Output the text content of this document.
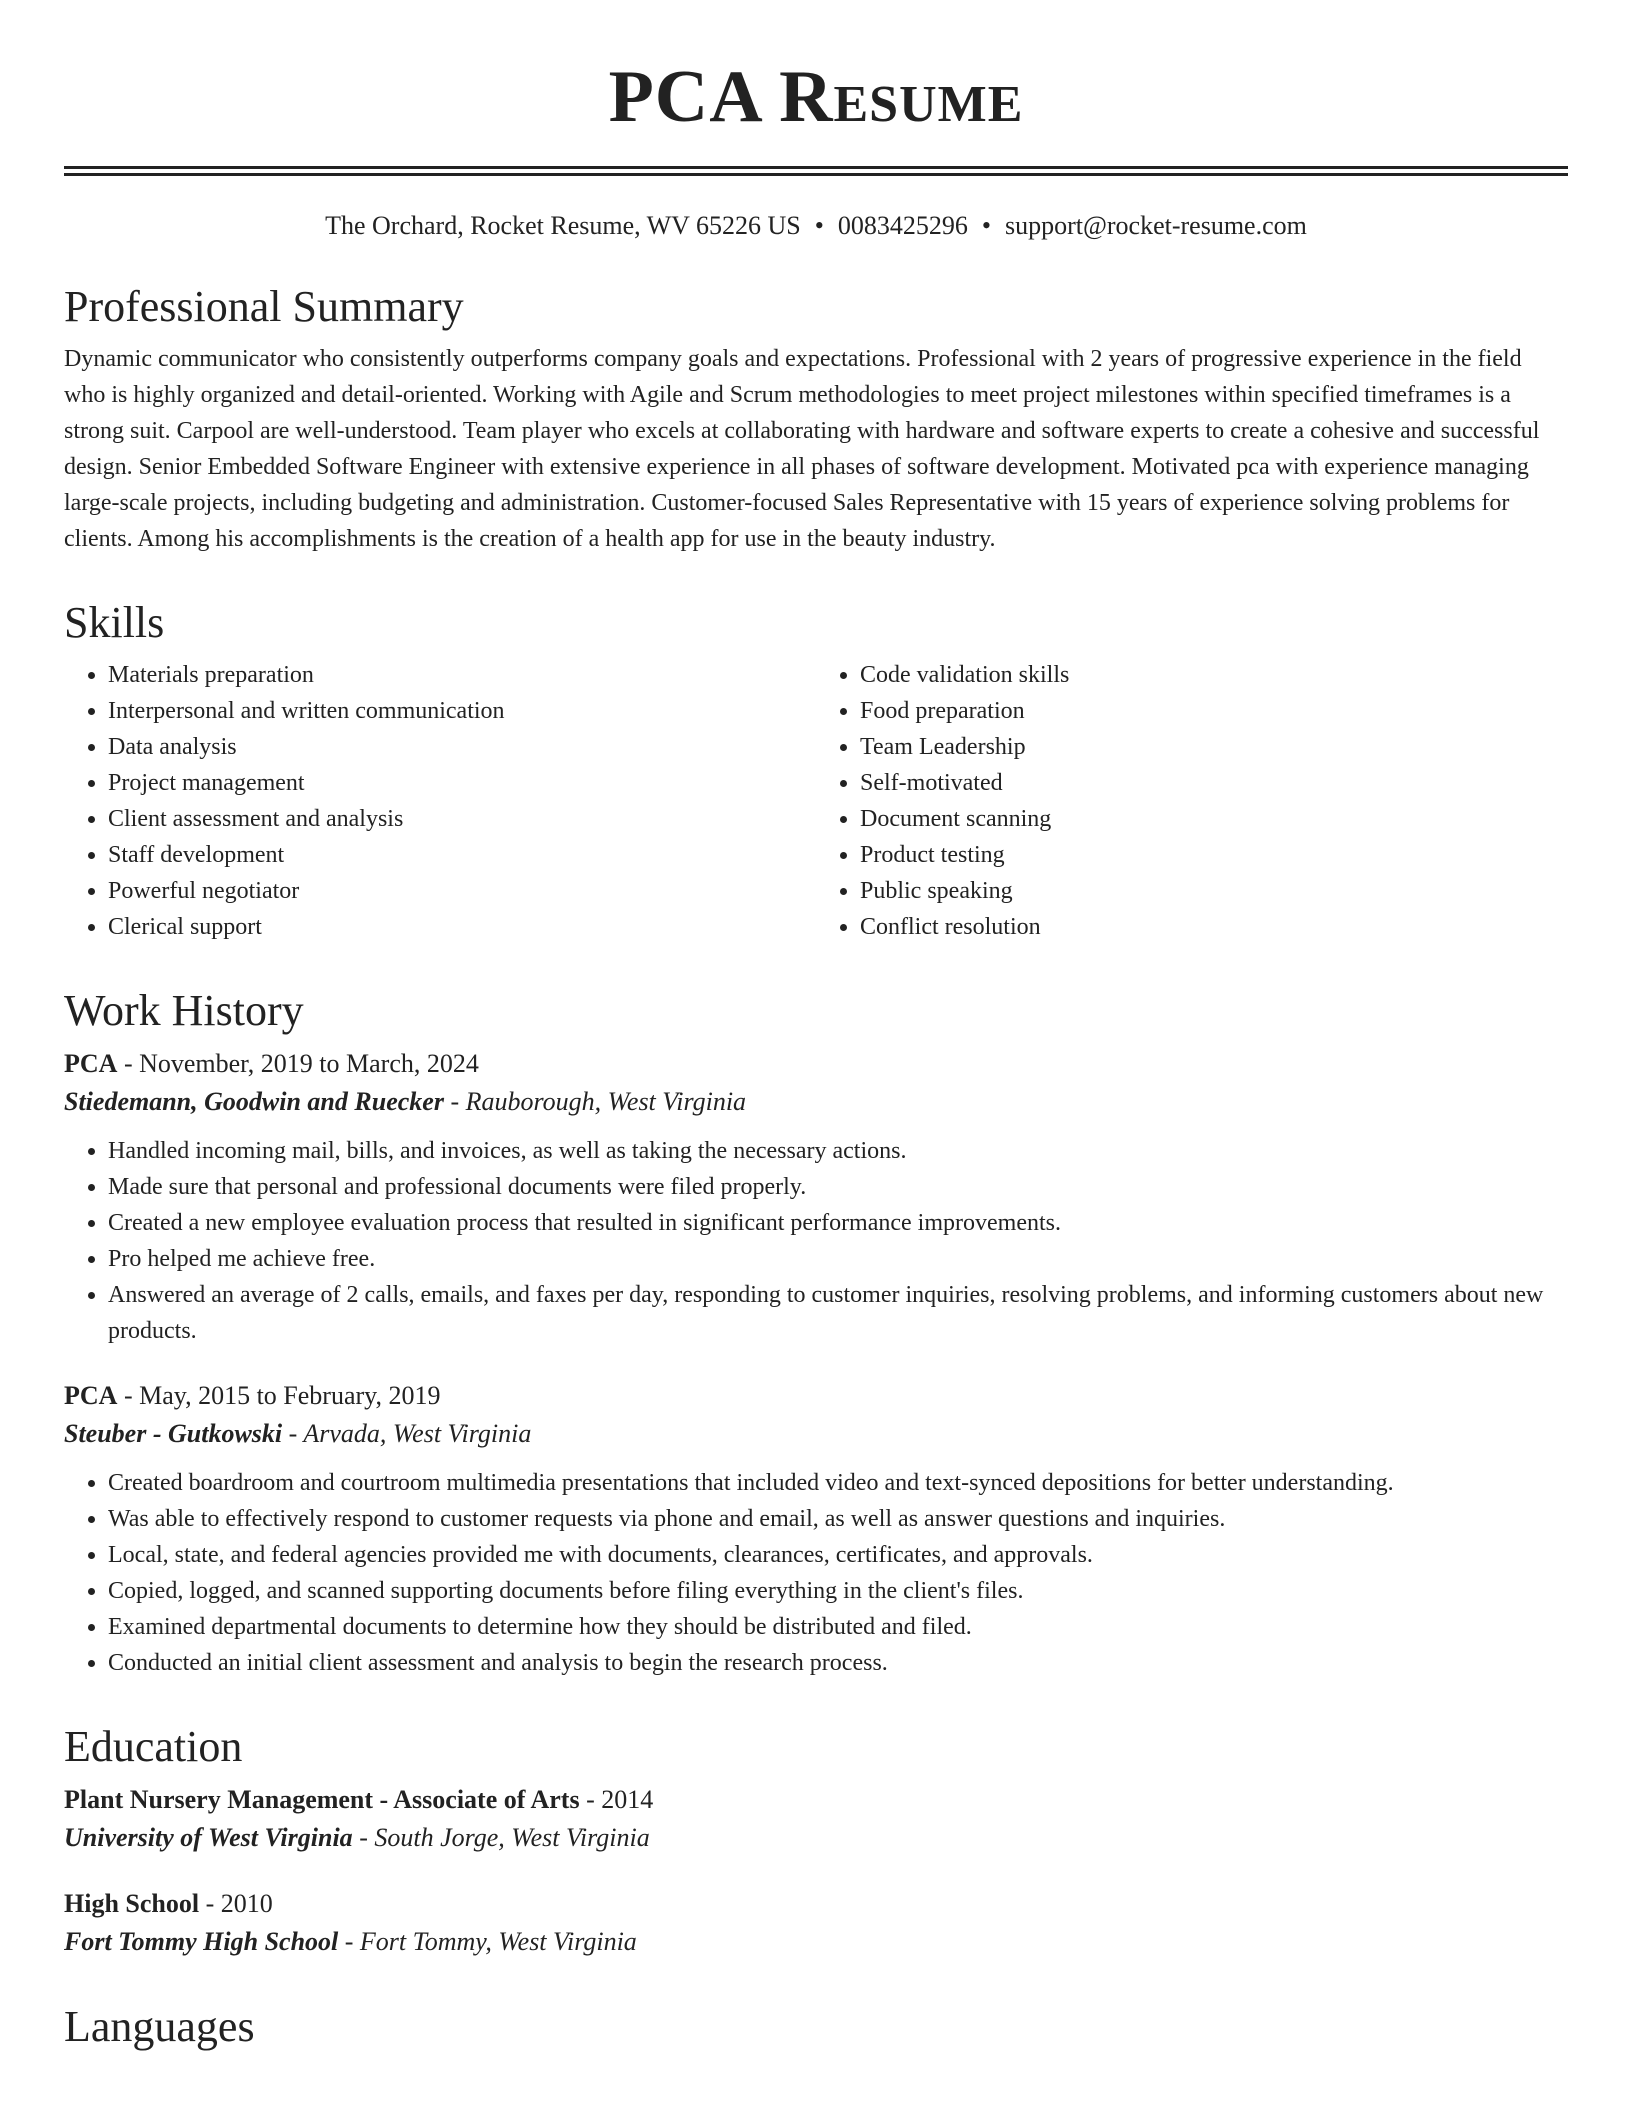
PCA Resume
The Orchard, Rocket Resume, WV 65226 US • 0083425296 • support@rocket-resume.com
Professional Summary

Dynamic communicator who consistently outperforms company goals and expectations. Professional with 2 years of progressive experience in the field who is highly organized and detail-oriented. Working with Agile and Scrum methodologies to meet project milestones within specified timeframes is a strong suit. Carpool are well-understood. Team player who excels at collaborating with hardware and software experts to create a cohesive and successful design. Senior Embedded Software Engineer with extensive experience in all phases of software development. Motivated pca with experience managing large-scale projects, including budgeting and administration. Customer-focused Sales Representative with 15 years of experience solving problems for clients. Among his accomplishments is the creation of a health app for use in the beauty industry.

Skills
• Materials preparation
• Interpersonal and written communication
• Data analysis
• Project management
• Client assessment and analysis
• Staff development
• Powerful negotiator
• Clerical support
• Code validation skills
• Food preparation
• Team Leadership
• Self-motivated
• Document scanning
• Product testing
• Public speaking
• Conflict resolution
Work History

PCA - November, 2019 to March, 2024

Stiedemann, Goodwin and Ruecker - Rauborough, West Virginia

• Handled incoming mail, bills, and invoices, as well as taking the necessary actions.
• Made sure that personal and professional documents were filed properly.
• Created a new employee evaluation process that resulted in significant performance improvements.
• Pro helped me achieve free.
• Answered an average of 2 calls, emails, and faxes per day, responding to customer inquiries, resolving problems, and informing customers about new products.

PCA - May, 2015 to February, 2019

Steuber - Gutkowski - Arvada, West Virginia

• Created boardroom and courtroom multimedia presentations that included video and text-synced depositions for better understanding.
• Was able to effectively respond to customer requests via phone and email, as well as answer questions and inquiries.
• Local, state, and federal agencies provided me with documents, clearances, certificates, and approvals.
• Copied, logged, and scanned supporting documents before filing everything in the client's files.
• Examined departmental documents to determine how they should be distributed and filed.
• Conducted an initial client assessment and analysis to begin the research process.
Education

Plant Nursery Management - Associate of Arts - 2014

University of West Virginia - South Jorge, West Virginia

High School - 2010

Fort Tommy High School - Fort Tommy, West Virginia

Languages
